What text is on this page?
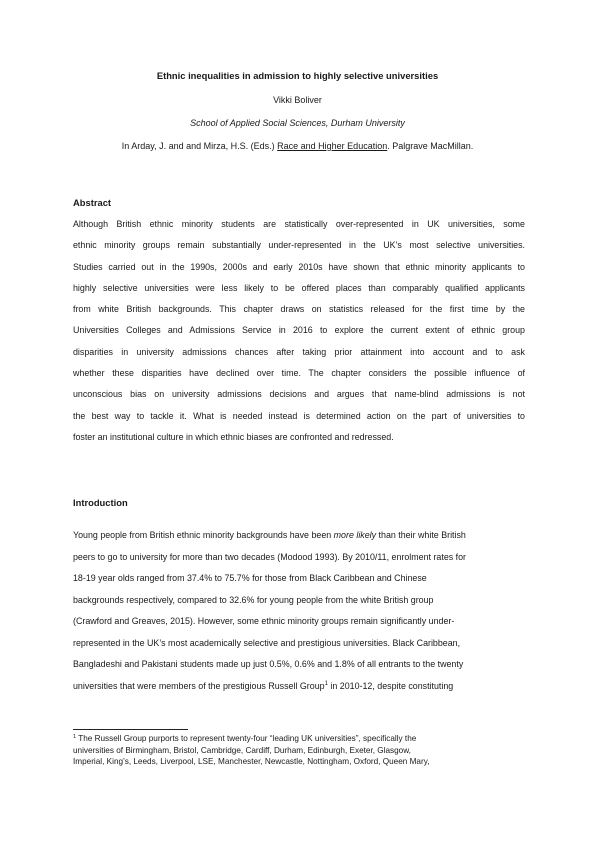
Ethnic inequalities in admission to highly selective universities
Vikki Boliver
School of Applied Social Sciences, Durham University
In Arday, J. and and Mirza, H.S. (Eds.) Race and Higher Education. Palgrave MacMillan.
Abstract
Although British ethnic minority students are statistically over-represented in UK universities, some
ethnic minority groups remain substantially under-represented in the UK’s most selective universities.
Studies carried out in the 1990s, 2000s and early 2010s have shown that ethnic minority applicants to
highly selective universities were less likely to be offered places than comparably qualified applicants
from white British backgrounds. This chapter draws on statistics released for the first time by the
Universities Colleges and Admissions Service in 2016 to explore the current extent of ethnic group
disparities in university admissions chances after taking prior attainment into account and to ask
whether these disparities have declined over time. The chapter considers the possible influence of
unconscious bias on university admissions decisions and argues that name-blind admissions is not
the best way to tackle it. What is needed instead is determined action on the part of universities to
foster an institutional culture in which ethnic biases are confronted and redressed.
Introduction
Young people from British ethnic minority backgrounds have been more likely than their white British
peers to go to university for more than two decades (Modood 1993). By 2010/11, enrolment rates for
18-19 year olds ranged from 37.4% to 75.7% for those from Black Caribbean and Chinese
backgrounds respectively, compared to 32.6% for young people from the white British group
(Crawford and Greaves, 2015). However, some ethnic minority groups remain significantly under-
represented in the UK’s most academically selective and prestigious universities. Black Caribbean,
Bangladeshi and Pakistani students made up just 0.5%, 0.6% and 1.8% of all entrants to the twenty
universities that were members of the prestigious Russell Group$^1$ in 2010-12, despite constituting
$^1$ The Russell Group purports to represent twenty-four “leading UK universities”, specifically the
universities of Birmingham, Bristol, Cambridge, Cardiff, Durham, Edinburgh, Exeter, Glasgow,
Imperial, King’s, Leeds, Liverpool, LSE, Manchester, Newcastle, Nottingham, Oxford, Queen Mary,
